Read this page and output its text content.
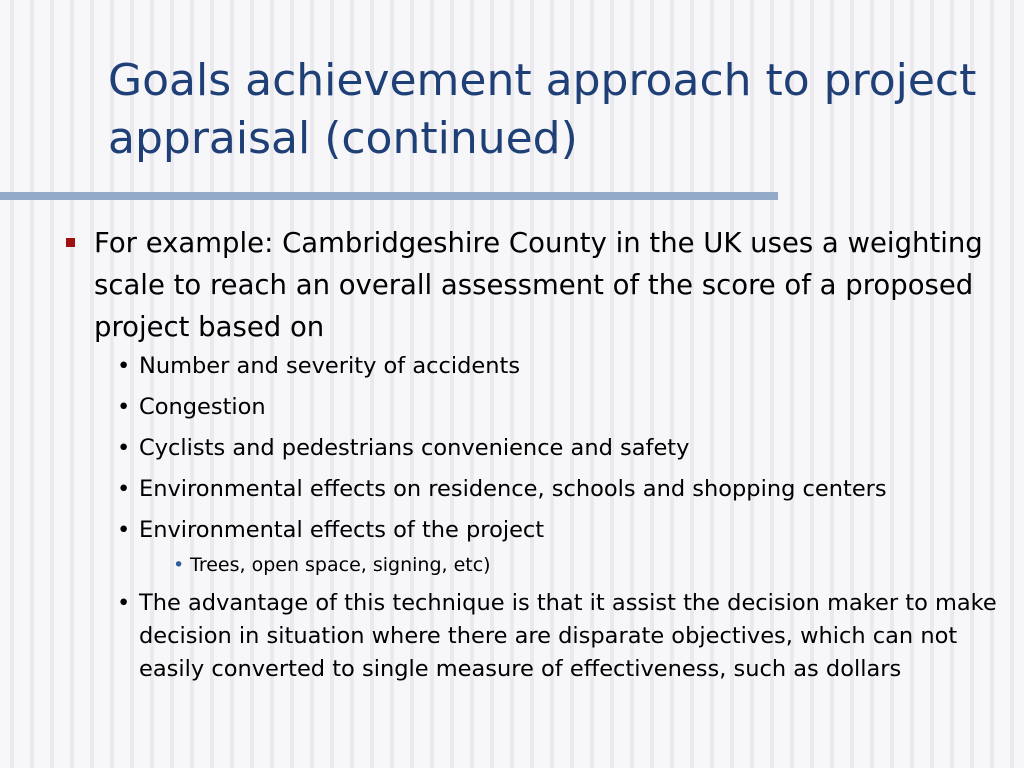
Goals achievement approach to project appraisal (continued)
For example: Cambridgeshire County in the UK uses a weighting scale to reach an overall assessment of the score of a proposed project based on
• Number and severity of accidents
• Congestion
• Cyclists and pedestrians convenience and safety
• Environmental effects on residence, schools and shopping centers
• Environmental effects of the project
• Trees, open space, signing, etc)
• The advantage of this technique is that it assist the decision maker to make decision in situation where there are disparate objectives, which can not easily converted to single measure of effectiveness, such as dollars
